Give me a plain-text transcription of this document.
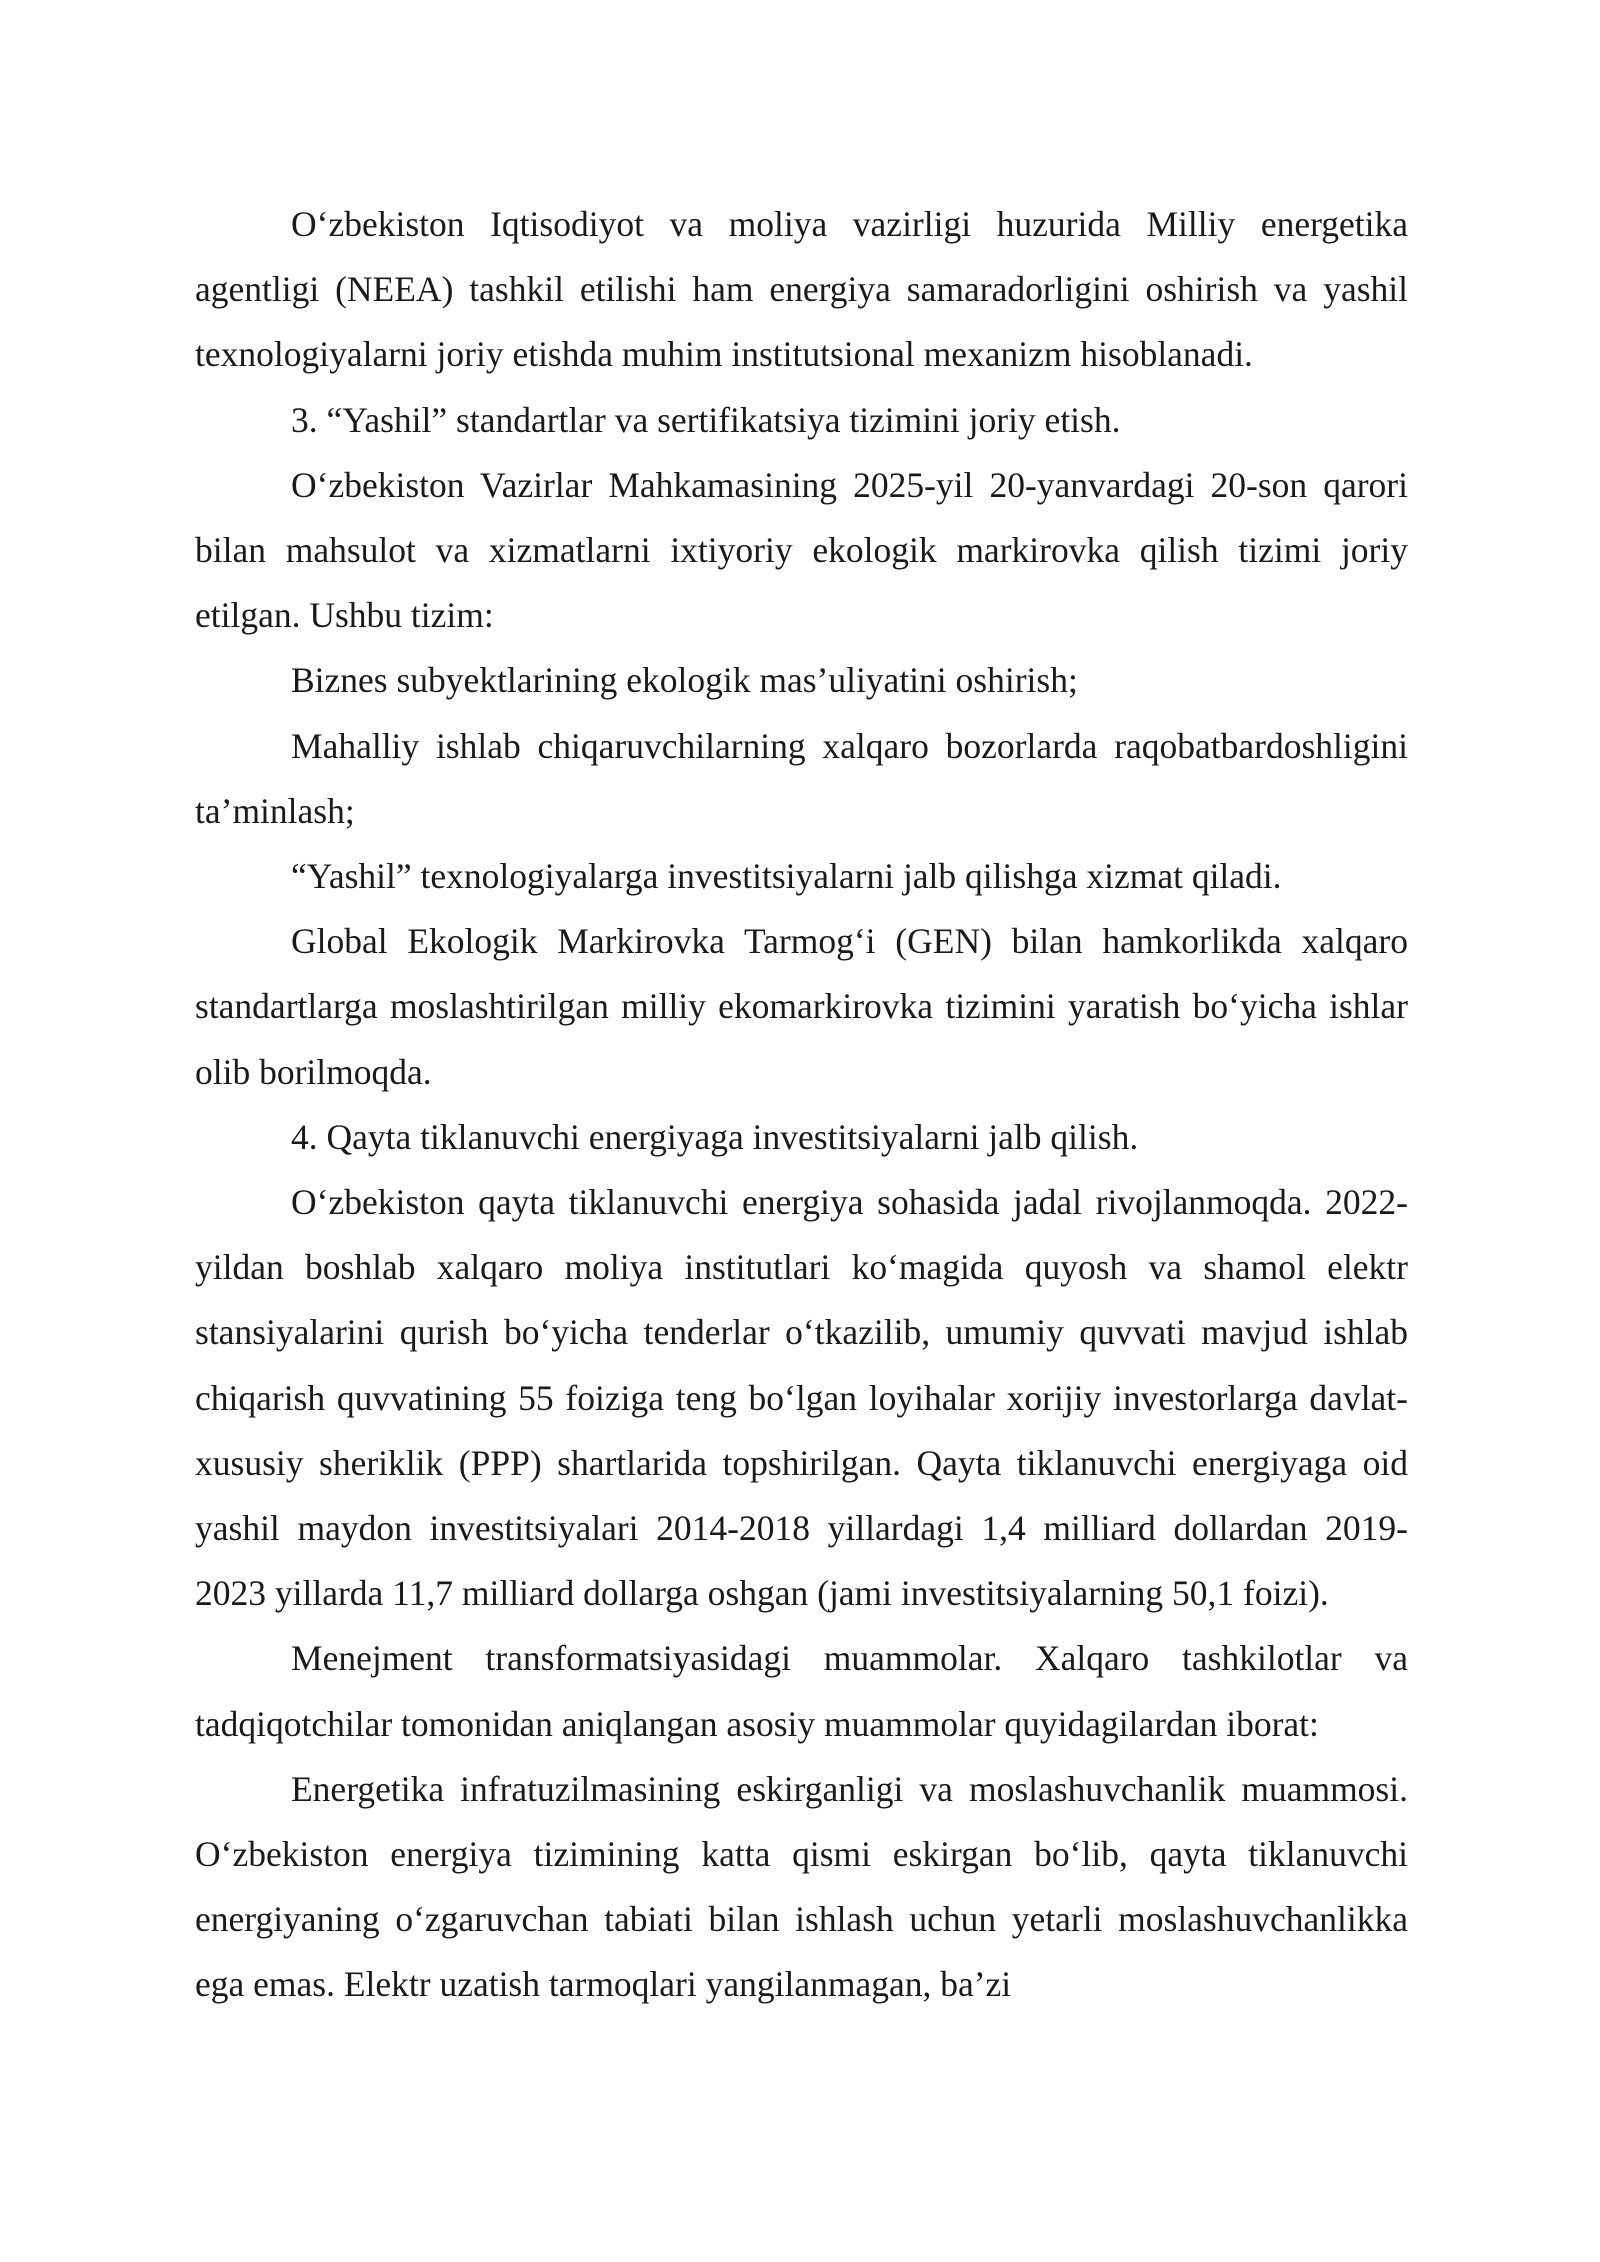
O‘zbekiston Iqtisodiyot va moliya vazirligi huzurida Milliy energetika agentligi (NEEA) tashkil etilishi ham energiya samaradorligini oshirish va yashil texnologiyalarni joriy etishda muhim institutsional mexanizm hisoblanadi.

3. “Yashil” standartlar va sertifikatsiya tizimini joriy etish.

O‘zbekiston Vazirlar Mahkamasining 2025-yil 20-yanvardagi 20-son qarori bilan mahsulot va xizmatlarni ixtiyoriy ekologik markirovka qilish tizimi joriy etilgan. Ushbu tizim:

Biznes subyektlarining ekologik mas’uliyatini oshirish;

Mahalliy ishlab chiqaruvchilarning xalqaro bozorlarda raqobatbardoshligini ta’minlash;

“Yashil” texnologiyalarga investitsiyalarni jalb qilishga xizmat qiladi.

Global Ekologik Markirovka Tarmog‘i (GEN) bilan hamkorlikda xalqaro standartlarga moslashtirilgan milliy ekomarkirovka tizimini yaratish bo‘yicha ishlar olib borilmoqda.

4. Qayta tiklanuvchi energiyaga investitsiyalarni jalb qilish.

O‘zbekiston qayta tiklanuvchi energiya sohasida jadal rivojlanmoqda. 2022-yildan boshlab xalqaro moliya institutlari ko‘magida quyosh va shamol elektr stansiyalarini qurish bo‘yicha tenderlar o‘tkazilib, umumiy quvvati mavjud ishlab chiqarish quvvatining 55 foiziga teng bo‘lgan loyihalar xorijiy investorlarga davlat-xususiy sheriklik (PPP) shartlarida topshirilgan. Qayta tiklanuvchi energiyaga oid yashil maydon investitsiyalari 2014-2018 yillardagi 1,4 milliard dollardan 2019-2023 yillarda 11,7 milliard dollarga oshgan (jami investitsiyalarning 50,1 foizi).

Menejment transformatsiyasidagi muammolar. Xalqaro tashkilotlar va tadqiqotchilar tomonidan aniqlangan asosiy muammolar quyidagilardan iborat:

Energetika infratuzilmasining eskirganligi va moslashuvchanlik muammosi. O‘zbekiston energiya tizimining katta qismi eskirgan bo‘lib, qayta tiklanuvchi energiyaning o‘zgaruvchan tabiati bilan ishlash uchun yetarli moslashuvchanlikka ega emas. Elektr uzatish tarmoqlari yangilanmagan, ba’zi
